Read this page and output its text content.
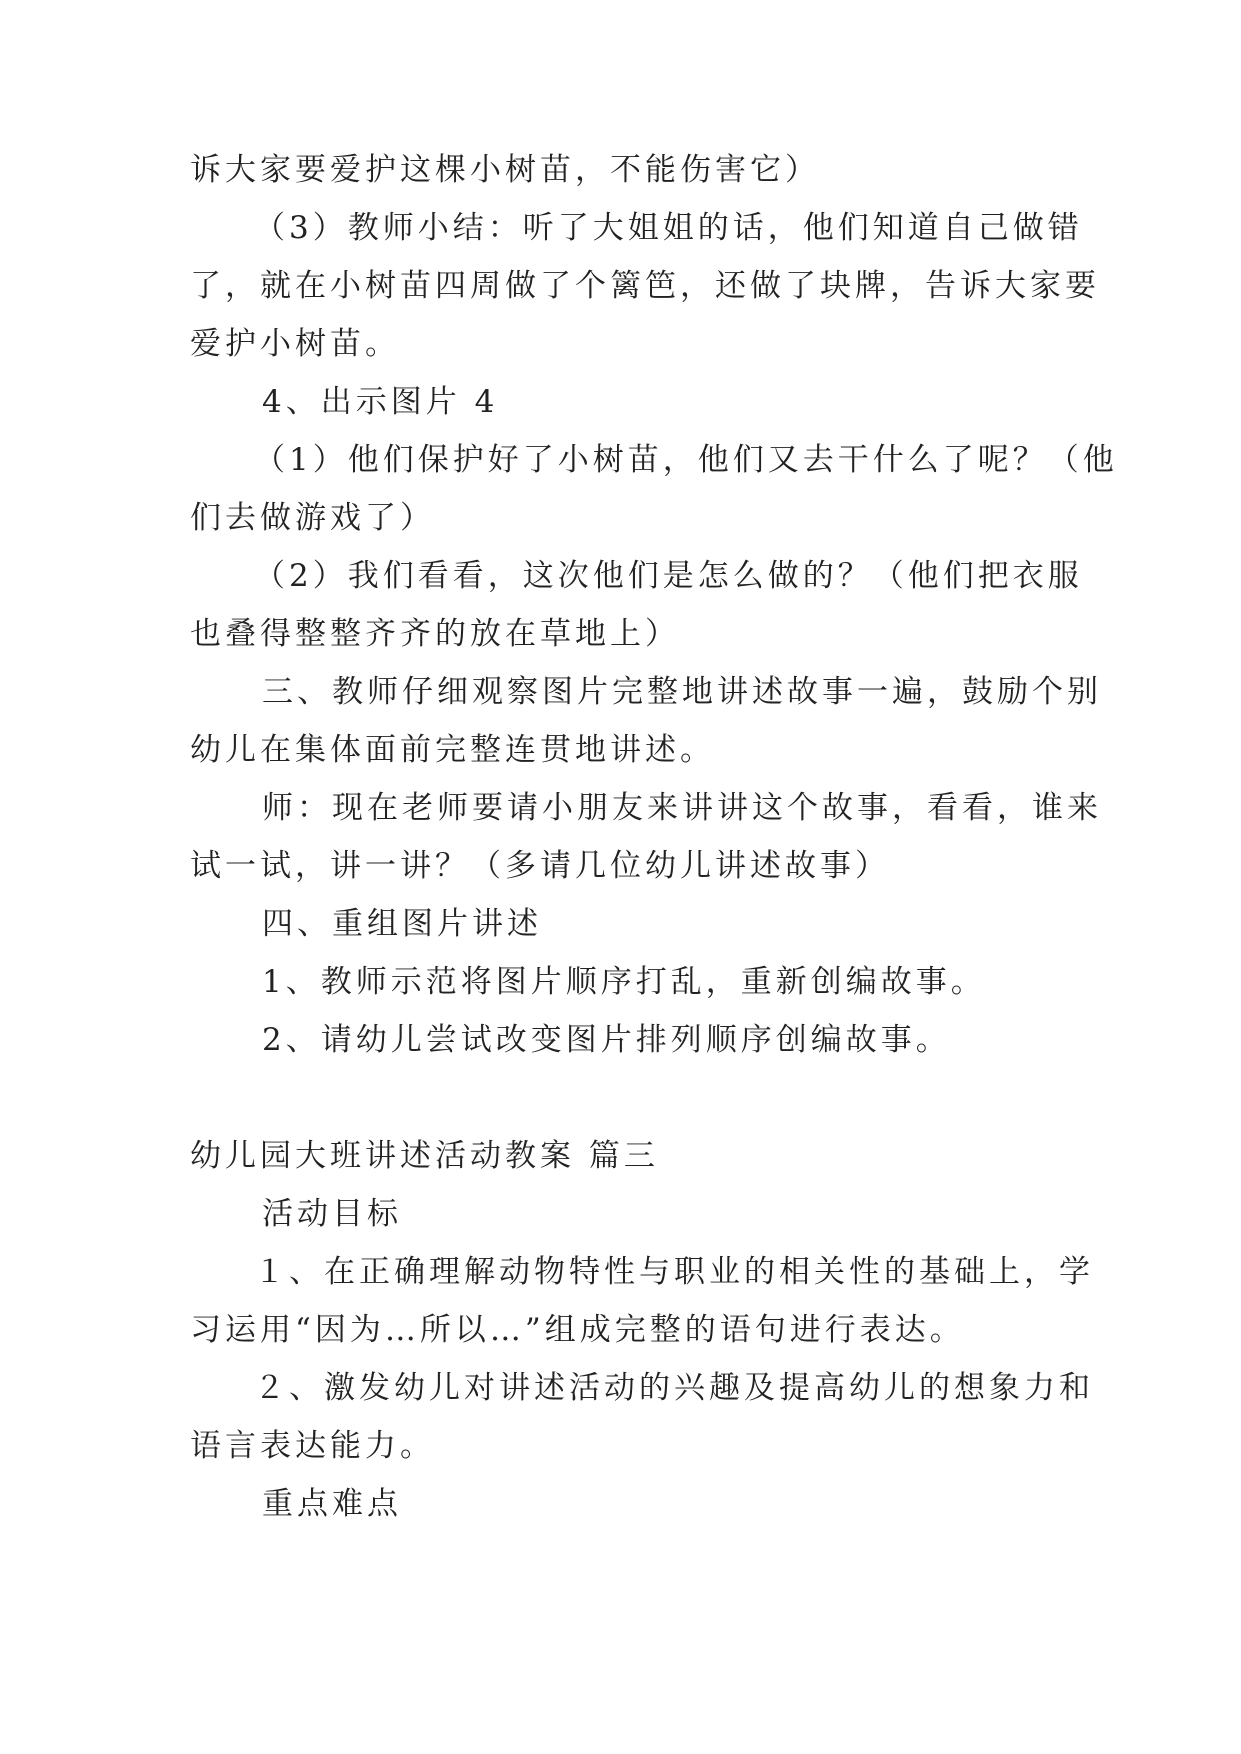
诉大家要爱护这棵小树苗，不能伤害它）
（3）教师小结：听了大姐姐的话，他们知道自己做错
了，就在小树苗四周做了个篱笆，还做了块牌，告诉大家要
爱护小树苗。
4、出示图片 4
（1）他们保护好了小树苗，他们又去干什么了呢？（他
们去做游戏了）
（2）我们看看，这次他们是怎么做的？（他们把衣服
也叠得整整齐齐的放在草地上）
三、教师仔细观察图片完整地讲述故事一遍，鼓励个别
幼儿在集体面前完整连贯地讲述。
师：现在老师要请小朋友来讲讲这个故事，看看，谁来
试一试，讲一讲？（多请几位幼儿讲述故事）
四、重组图片讲述
1、教师示范将图片顺序打乱，重新创编故事。
2、请幼儿尝试改变图片排列顺序创编故事。
幼儿园大班讲述活动教案 篇三
活动目标
１、在正确理解动物特性与职业的相关性的基础上，学
习运用“因为…所以…”组成完整的语句进行表达。
２、激发幼儿对讲述活动的兴趣及提高幼儿的想象力和
语言表达能力。
重点难点
